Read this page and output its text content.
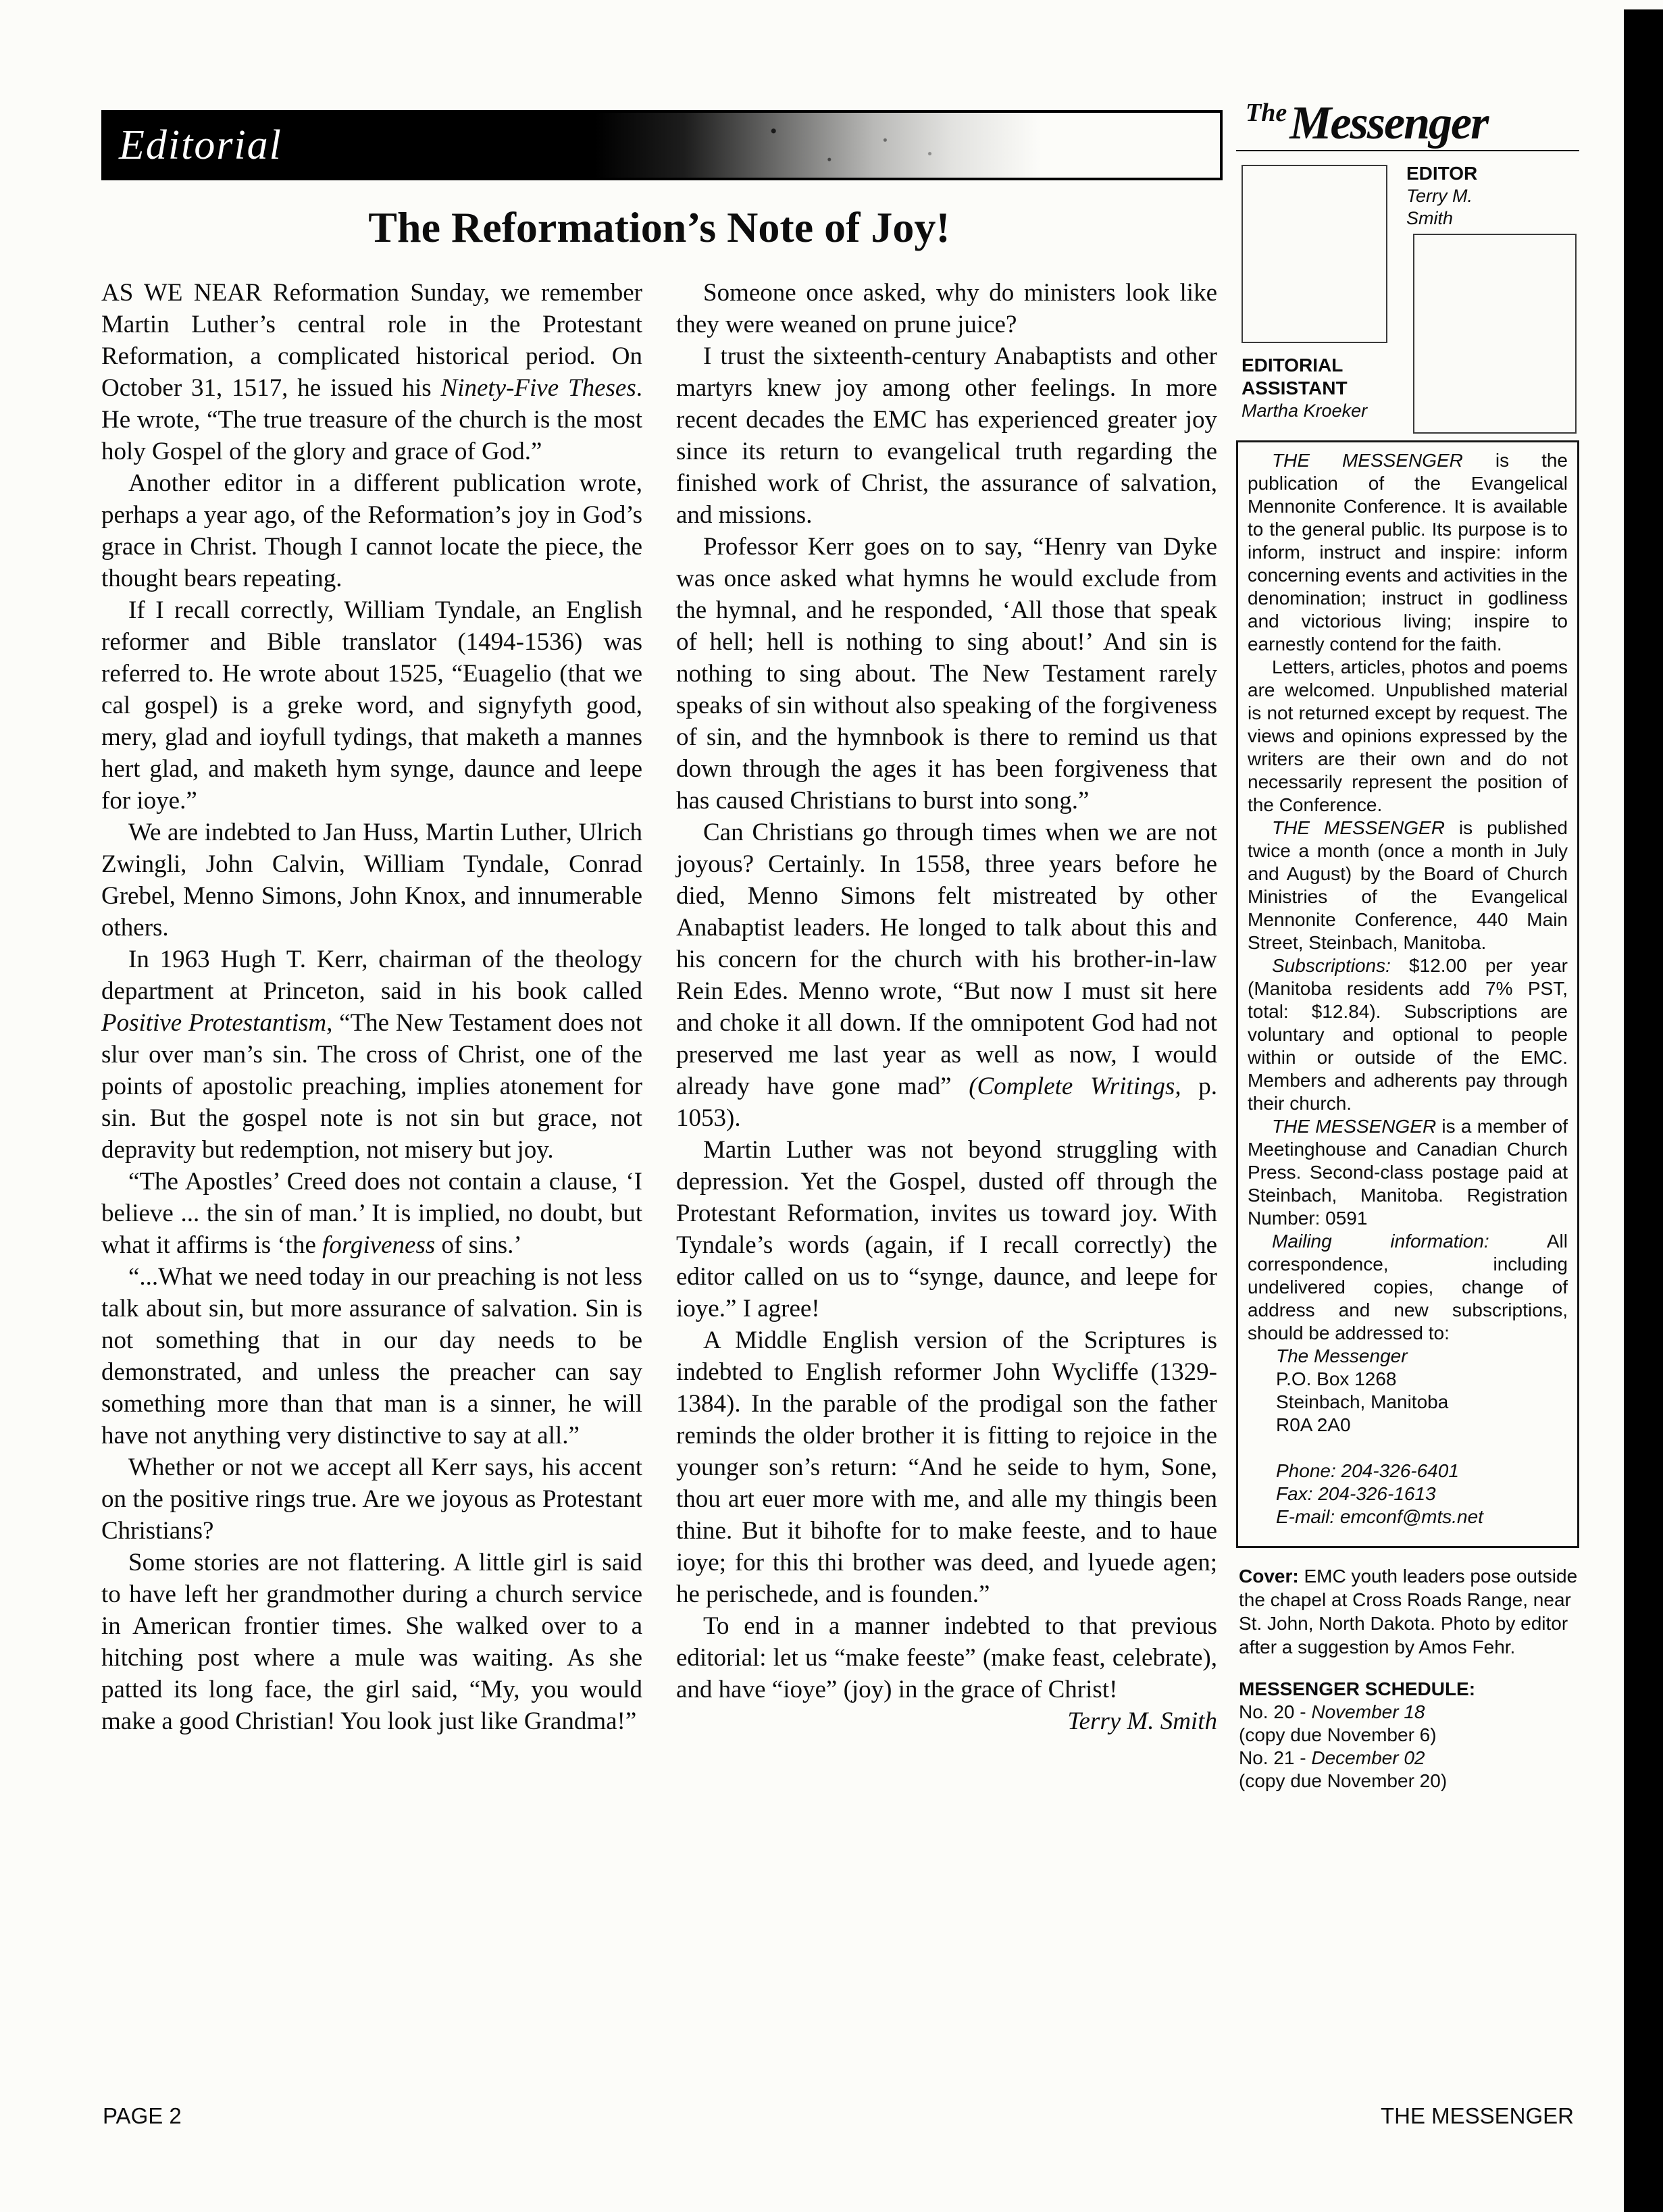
Editorial
The Reformation’s Note of Joy!

AS WE NEAR Reformation Sunday, we remember Martin Luther’s central role in the Protestant Reformation, a complicated historical period. On October 31, 1517, he issued his Ninety-Five Theses. He wrote, “The true treasure of the church is the most holy Gospel of the glory and grace of God.”

Another editor in a different publication wrote, perhaps a year ago, of the Reformation’s joy in God’s grace in Christ. Though I cannot locate the piece, the thought bears repeating.

If I recall correctly, William Tyndale, an English reformer and Bible translator (1494-1536) was referred to. He wrote about 1525, “Euagelio (that we cal gospel) is a greke word, and signyfyth good, mery, glad and ioyfull tydings, that maketh a mannes hert glad, and maketh hym synge, daunce and leepe for ioye.”

We are indebted to Jan Huss, Martin Luther, Ulrich Zwingli, John Calvin, William Tyndale, Conrad Grebel, Menno Simons, John Knox, and innumerable others.

In 1963 Hugh T. Kerr, chairman of the theology department at Princeton, said in his book called Positive Protestantism, “The New Testament does not slur over man’s sin. The cross of Christ, one of the points of apostolic preaching, implies atonement for sin. But the gospel note is not sin but grace, not depravity but redemption, not misery but joy.

“The Apostles’ Creed does not contain a clause, ‘I believe ... the sin of man.’ It is implied, no doubt, but what it affirms is ‘the forgiveness of sins.’

“...What we need today in our preaching is not less talk about sin, but more assurance of salvation. Sin is not something that in our day needs to be demonstrated, and unless the preacher can say something more than that man is a sinner, he will have not anything very distinctive to say at all.”

Whether or not we accept all Kerr says, his accent on the positive rings true. Are we joyous as Protestant Christians?

Some stories are not flattering. A little girl is said to have left her grandmother during a church service in American frontier times. She walked over to a hitching post where a mule was waiting. As she patted its long face, the girl said, “My, you would make a good Christian! You look just like Grandma!”

Someone once asked, why do ministers look like they were weaned on prune juice?

I trust the sixteenth-century Anabaptists and other martyrs knew joy among other feelings. In more recent decades the EMC has experienced greater joy since its return to evangelical truth regarding the finished work of Christ, the assurance of salvation, and missions.

Professor Kerr goes on to say, “Henry van Dyke was once asked what hymns he would exclude from the hymnal, and he responded, ‘All those that speak of hell; hell is nothing to sing about!’ And sin is nothing to sing about. The New Testament rarely speaks of sin without also speaking of the forgiveness of sin, and the hymnbook is there to remind us that down through the ages it has been forgiveness that has caused Christians to burst into song.”

Can Christians go through times when we are not joyous? Certainly. In 1558, three years before he died, Menno Simons felt mistreated by other Anabaptist leaders. He longed to talk about this and his concern for the church with his brother-in-law Rein Edes. Menno wrote, “But now I must sit here and choke it all down. If the omnipotent God had not preserved me last year as well as now, I would already have gone mad” (Complete Writings, p. 1053).

Martin Luther was not beyond struggling with depression. Yet the Gospel, dusted off through the Protestant Reformation, invites us toward joy. With Tyndale’s words (again, if I recall correctly) the editor called on us to “synge, daunce, and leepe for ioye.” I agree!

A Middle English version of the Scriptures is indebted to English reformer John Wycliffe (1329-1384). In the parable of the prodigal son the father reminds the older brother it is fitting to rejoice in the younger son’s return: “And he seide to hym, Sone, thou art euer more with me, and alle my thingis been thine. But it bihofte for to make feeste, and to haue ioye; for this thi brother was deed, and lyuede agen; he perischede, and is founden.”

To end in a manner indebted to that previous editorial: let us “make feeste” (make feast, celebrate), and have “ioye” (joy) in the grace of Christ!

Terry M. Smith

TheMessenger
EDITOR
Terry M.
Smith
EDITORIAL
ASSISTANT
Martha Kroeker

THE MESSENGER is the publication of the Evangelical Mennonite Conference. It is available to the general public. Its purpose is to inform, instruct and inspire: inform concerning events and activities in the denomination; instruct in godliness and victorious living; inspire to earnestly contend for the faith.

Letters, articles, photos and poems are welcomed. Unpublished material is not returned except by request. The views and opinions expressed by the writers are their own and do not necessarily represent the position of the Conference.

THE MESSENGER is published twice a month (once a month in July and August) by the Board of Church Ministries of the Evangelical Mennonite Conference, 440 Main Street, Steinbach, Manitoba.

Subscriptions: $12.00 per year (Manitoba residents add 7% PST, total: $12.84). Subscriptions are voluntary and optional to people within or outside of the EMC. Members and adherents pay through their church.

THE MESSENGER is a member of Meetinghouse and Canadian Church Press. Second-class postage paid at Steinbach, Manitoba. Registration Number: 0591

Mailing information: All correspondence, including undelivered copies, change of address and new subscriptions, should be addressed to:

The Messenger
P.O. Box 1268
Steinbach, Manitoba
R0A 2A0
Phone: 204-326-6401
Fax: 204-326-1613
E-mail: emconf@mts.net

Cover: EMC youth leaders pose outside the chapel at Cross Roads Range, near St. John, North Dakota. Photo by editor after a suggestion by Amos Fehr.

MESSENGER SCHEDULE:
No. 20 - November 18
(copy due November 6)
No. 21 - December 02
(copy due November 20)
PAGE 2	THE MESSENGER
